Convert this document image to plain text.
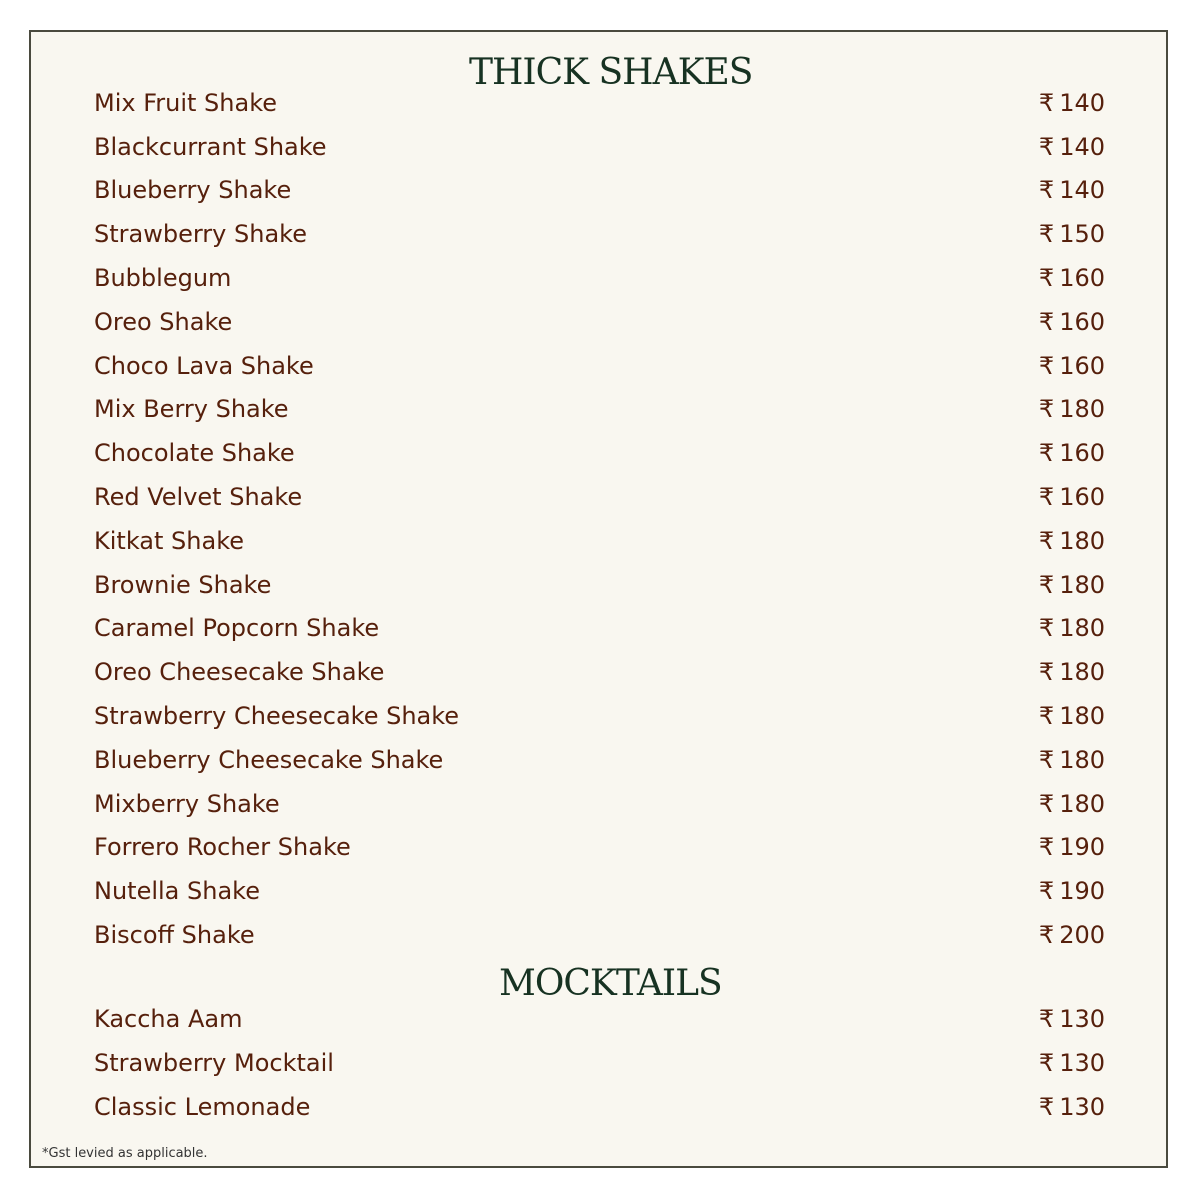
THICK SHAKES
Mix Fruit Shake	₹ 140
Blackcurrant Shake	₹ 140
Blueberry Shake	₹ 140
Strawberry Shake	₹ 150
Bubblegum	₹ 160
Oreo Shake	₹ 160
Choco Lava Shake	₹ 160
Mix Berry Shake	₹ 180
Chocolate Shake	₹ 160
Red Velvet Shake	₹ 160
Kitkat Shake	₹ 180
Brownie Shake	₹ 180
Caramel Popcorn Shake	₹ 180
Oreo Cheesecake Shake	₹ 180
Strawberry Cheesecake Shake	₹ 180
Blueberry Cheesecake Shake	₹ 180
Mixberry Shake	₹ 180
Forrero Rocher Shake	₹ 190
Nutella Shake	₹ 190
Biscoff Shake	₹ 200
MOCKTAILS
Kaccha Aam	₹ 130
Strawberry Mocktail	₹ 130
Classic Lemonade	₹ 130
*Gst levied as applicable.
